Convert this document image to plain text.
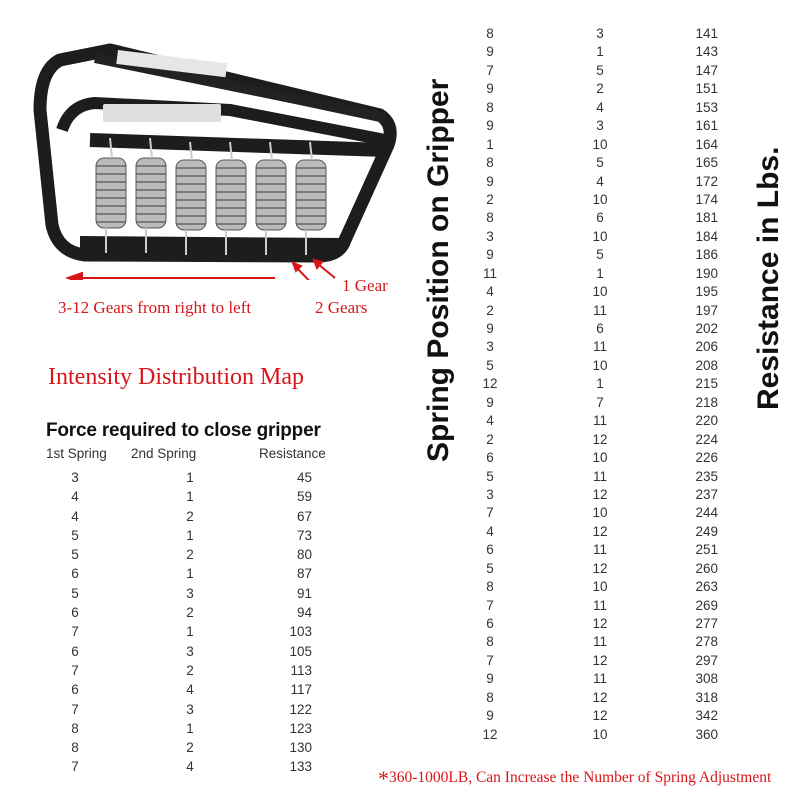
1 Gear
2 Gears
3-12 Gears from right to left
Intensity Distribution Map
Force required to close gripper
1st Spring 2nd Spring	Resistance
3	1	45
4	1	59
4	2	67
5	1	73
5	2	80
6	1	87
5	3	91
6	2	94
7	1	103
6	3	105
7	2	113
6	4	117
7	3	122
8	1	123
8	2	130
7	4	133
Spring Position on Gripper
8	3	141
9	1	143
7	5	147
9	2	151
8	4	153
9	3	161
1	10	164
8	5	165
9	4	172
2	10	174
8	6	181
3	10	184
9	5	186
11	1	190
4	10	195
2	11	197
9	6	202
3	11	206
5	10	208
12	1	215
9	7	218
4	11	220
2	12	224
6	10	226
5	11	235
3	12	237
7	10	244
4	12	249
6	11	251
5	12	260
8	10	263
7	11	269
6	12	277
8	11	278
7	12	297
9	11	308
8	12	318
9	12	342
12	10	360
Resistance in Lbs.
*360-1000LB, Can Increase the Number of Spring Adjustment
